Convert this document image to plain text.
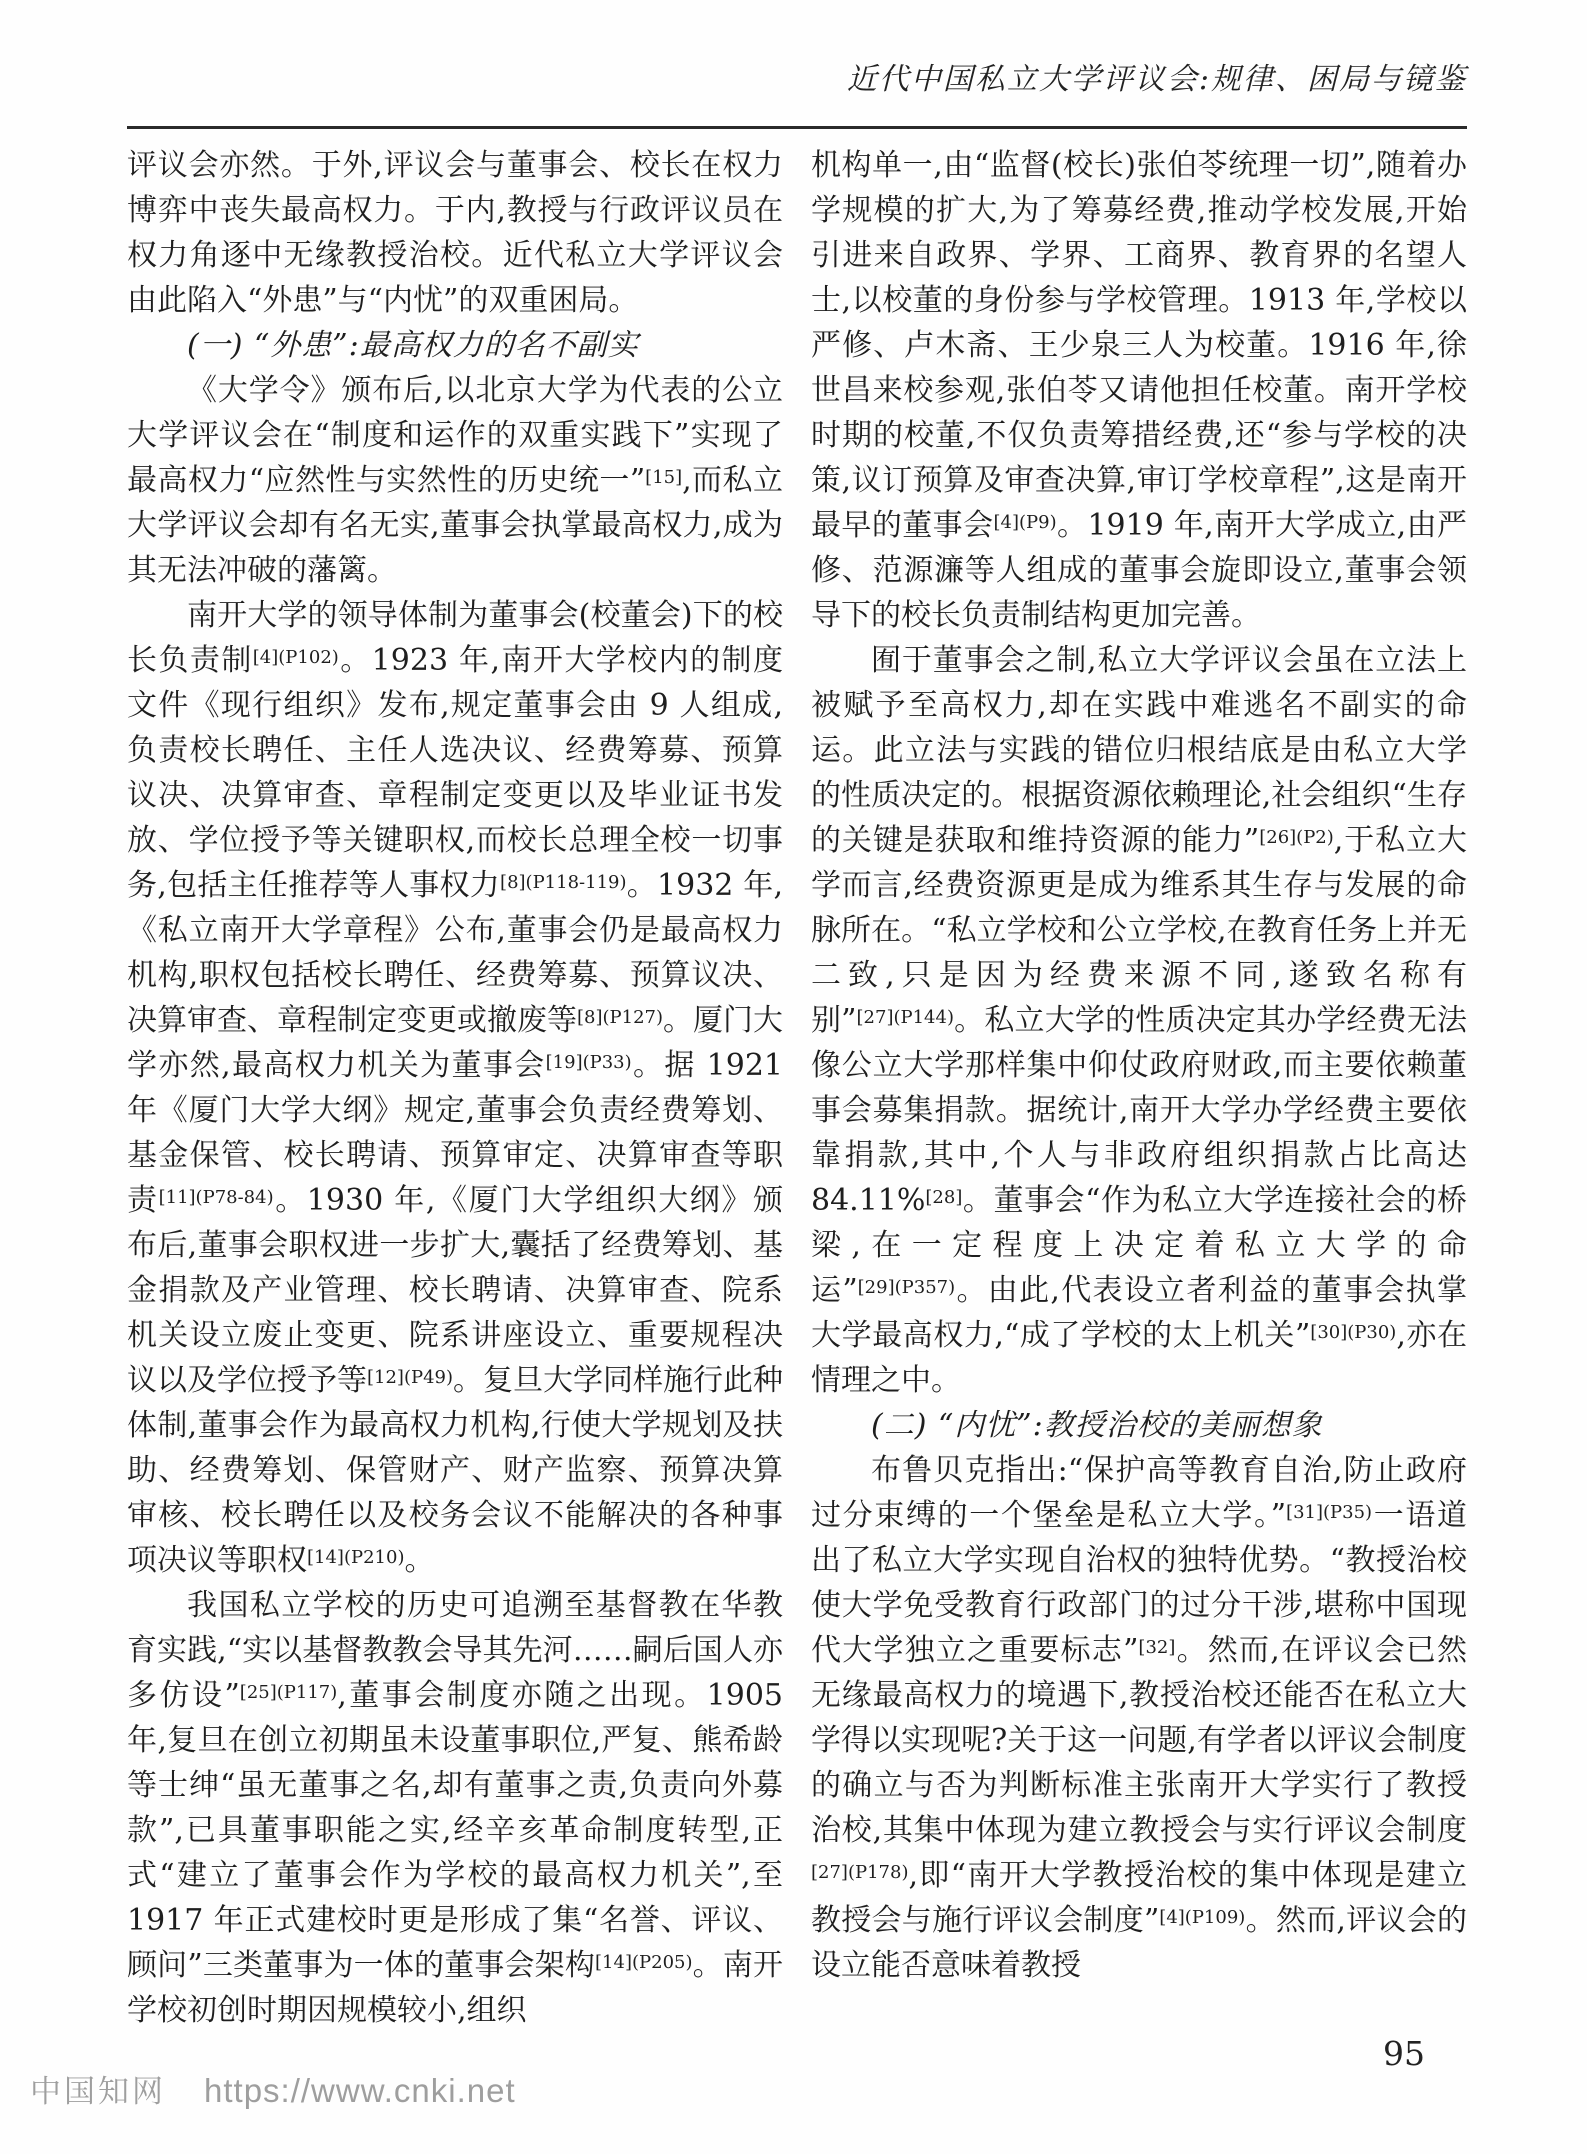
近代中国私立大学评议会:规律、困局与镜鉴
评议会亦然。于外,评议会与董事会、校长在权力博弈中丧失最高权力。于内,教授与行政评议员在权力角逐中无缘教授治校。近代私立大学评议会由此陷入“外患”与“内忧”的双重困局。
(一) “外患”:最高权力的名不副实
《大学令》颁布后,以北京大学为代表的公立大学评议会在“制度和运作的双重实践下”实现了最高权力“应然性与实然性的历史统一”[15],而私立大学评议会却有名无实,董事会执掌最高权力,成为其无法冲破的藩篱。
南开大学的领导体制为董事会(校董会)下的校长负责制$^{[4](P102)}$。1923 年,南开大学校内的制度文件《现行组织》发布,规定董事会由 9 人组成,负责校长聘任、主任人选决议、经费筹募、预算议决、决算审查、章程制定变更以及毕业证书发放、学位授予等关键职权,而校长总理全校一切事务,包括主任推荐等人事权力$^{[8](P118-119)}$。1932 年,《私立南开大学章程》公布,董事会仍是最高权力机构,职权包括校长聘任、经费筹募、预算议决、决算审查、章程制定变更或撤废等$^{[8](P127)}$。厦门大学亦然,最高权力机关为董事会$^{[19](P33)}$。据 1921 年《厦门大学大纲》规定,董事会负责经费筹划、基金保管、校长聘请、预算审定、决算审查等职责$^{[11](P78-84)}$。1930 年,《厦门大学组织大纲》颁布后,董事会职权进一步扩大,囊括了经费筹划、基金捐款及产业管理、校长聘请、决算审查、院系机关设立废止变更、院系讲座设立、重要规程决议以及学位授予等$^{[12](P49)}$。复旦大学同样施行此种体制,董事会作为最高权力机构,行使大学规划及扶助、经费筹划、保管财产、财产监察、预算决算审核、校长聘任以及校务会议不能解决的各种事项决议等职权$^{[14](P210)}$。
我国私立学校的历史可追溯至基督教在华教育实践,“实以基督教教会导其先河……嗣后国人亦多仿设”$^{[25](P117)}$,董事会制度亦随之出现。1905 年,复旦在创立初期虽未设董事职位,严复、熊希龄等士绅“虽无董事之名,却有董事之责,负责向外募款”,已具董事职能之实,经辛亥革命制度转型,正式“建立了董事会作为学校的最高权力机关”,至 1917 年正式建校时更是形成了集“名誉、评议、顾问”三类董事为一体的董事会架构$^{[14](P205)}$。南开学校初创时期因规模较小,组织
机构单一,由“监督(校长)张伯苓统理一切”,随着办学规模的扩大,为了筹募经费,推动学校发展,开始引进来自政界、学界、工商界、教育界的名望人士,以校董的身份参与学校管理。1913 年,学校以严修、卢木斋、王少泉三人为校董。1916 年,徐世昌来校参观,张伯苓又请他担任校董。南开学校时期的校董,不仅负责筹措经费,还“参与学校的决策,议订预算及审查决算,审订学校章程”,这是南开最早的董事会$^{[4](P9)}$。1919 年,南开大学成立,由严修、范源濂等人组成的董事会旋即设立,董事会领导下的校长负责制结构更加完善。
囿于董事会之制,私立大学评议会虽在立法上被赋予至高权力,却在实践中难逃名不副实的命运。此立法与实践的错位归根结底是由私立大学的性质决定的。根据资源依赖理论,社会组织“生存的关键是获取和维持资源的能力”$^{[26](P2)}$,于私立大学而言,经费资源更是成为维系其生存与发展的命脉所在。“私立学校和公立学校,在教育任务上并无二致,只是因为经费来源不同,遂致名称有别”$^{[27](P144)}$。私立大学的性质决定其办学经费无法像公立大学那样集中仰仗政府财政,而主要依赖董事会募集捐款。据统计,南开大学办学经费主要依靠捐款,其中,个人与非政府组织捐款占比高达 84.11%[28]。董事会“作为私立大学连接社会的桥梁,在一定程度上决定着私立大学的命运”$^{[29](P357)}$。由此,代表设立者利益的董事会执掌大学最高权力,“成了学校的太上机关”$^{[30](P30)}$,亦在情理之中。
(二) “内忧”:教授治校的美丽想象
布鲁贝克指出:“保护高等教育自治,防止政府过分束缚的一个堡垒是私立大学。”$^{[31](P35)}$一语道出了私立大学实现自治权的独特优势。“教授治校使大学免受教育行政部门的过分干涉,堪称中国现代大学独立之重要标志”[32]。然而,在评议会已然无缘最高权力的境遇下,教授治校还能否在私立大学得以实现呢?关于这一问题,有学者以评议会制度的确立与否为判断标准主张南开大学实行了教授治校,其集中体现为建立教授会与实行评议会制度$^{[27](P178)}$,即“南开大学教授治校的集中体现是建立教授会与施行评议会制度”$^{[4](P109)}$。然而,评议会的设立能否意味着教授
95
中国知网 https://www.cnki.net
